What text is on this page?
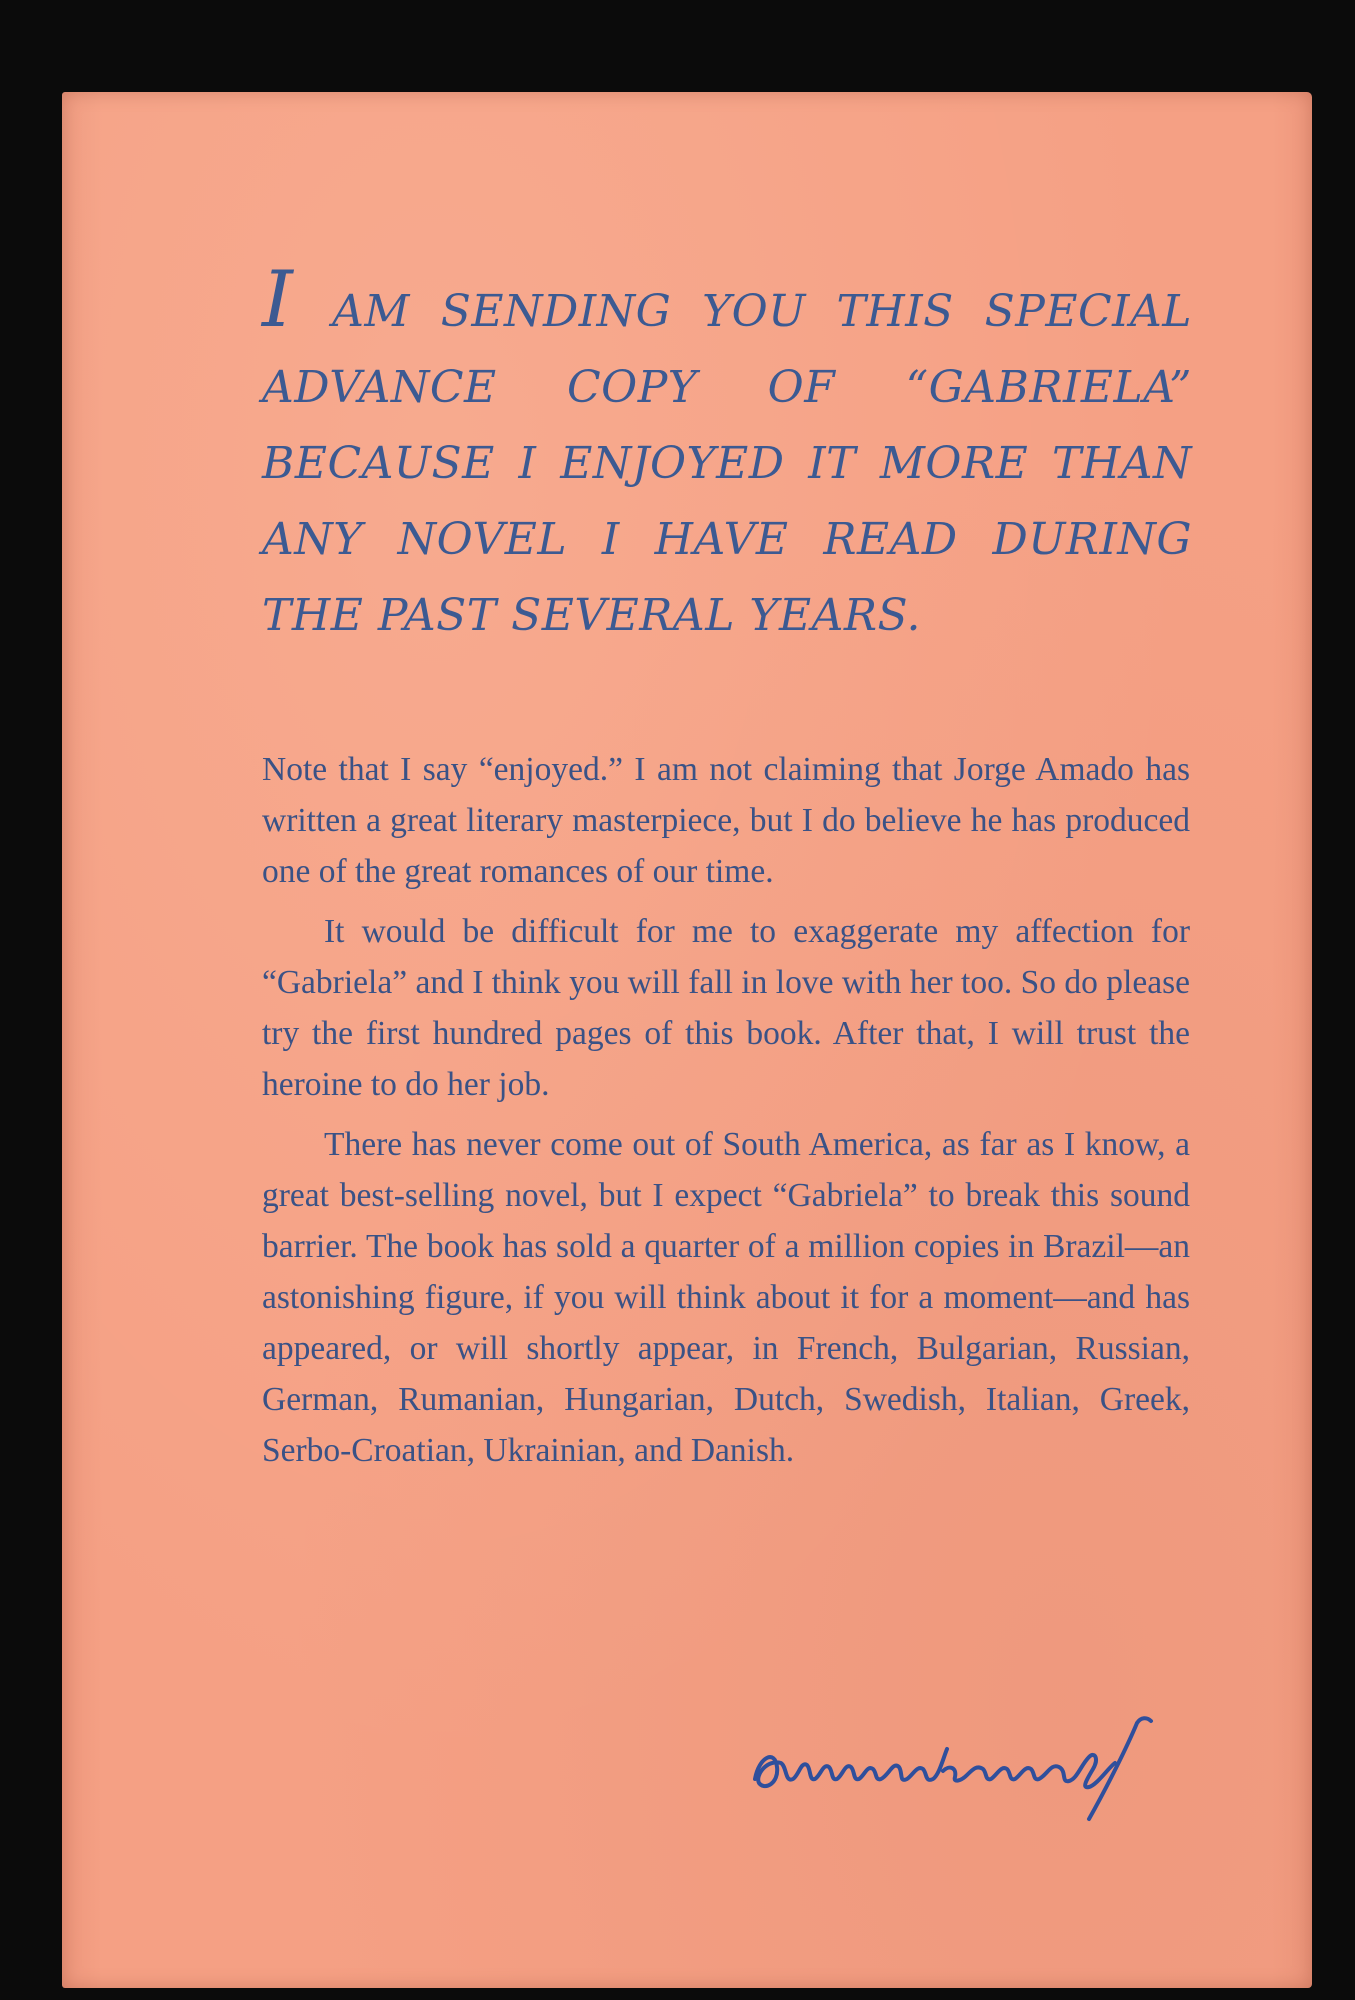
I AM SENDING YOU THIS SPECIAL ADVANCE COPY OF “GABRIELA” BECAUSE I ENJOYED IT MORE THAN ANY NOVEL I HAVE READ DURING THE PAST SEVERAL YEARS.

Note that I say “enjoyed.” I am not claiming that Jorge Amado has written a great literary masterpiece, but I do believe he has produced one of the great romances of our time.

It would be difficult for me to exaggerate my affection for “Gabriela” and I think you will fall in love with her too. So do please try the first hundred pages of this book. After that, I will trust the heroine to do her job.

There has never come out of South America, as far as I know, a great best-selling novel, but I expect “Gabriela” to break this sound barrier. The book has sold a quarter of a million copies in Brazil—an astonishing figure, if you will think about it for a moment—and has appeared, or will shortly appear, in French, Bulgarian, Russian, German, Rumanian, Hungarian, Dutch, Swedish, Italian, Greek, Serbo-Croatian, Ukrainian, and Danish.
